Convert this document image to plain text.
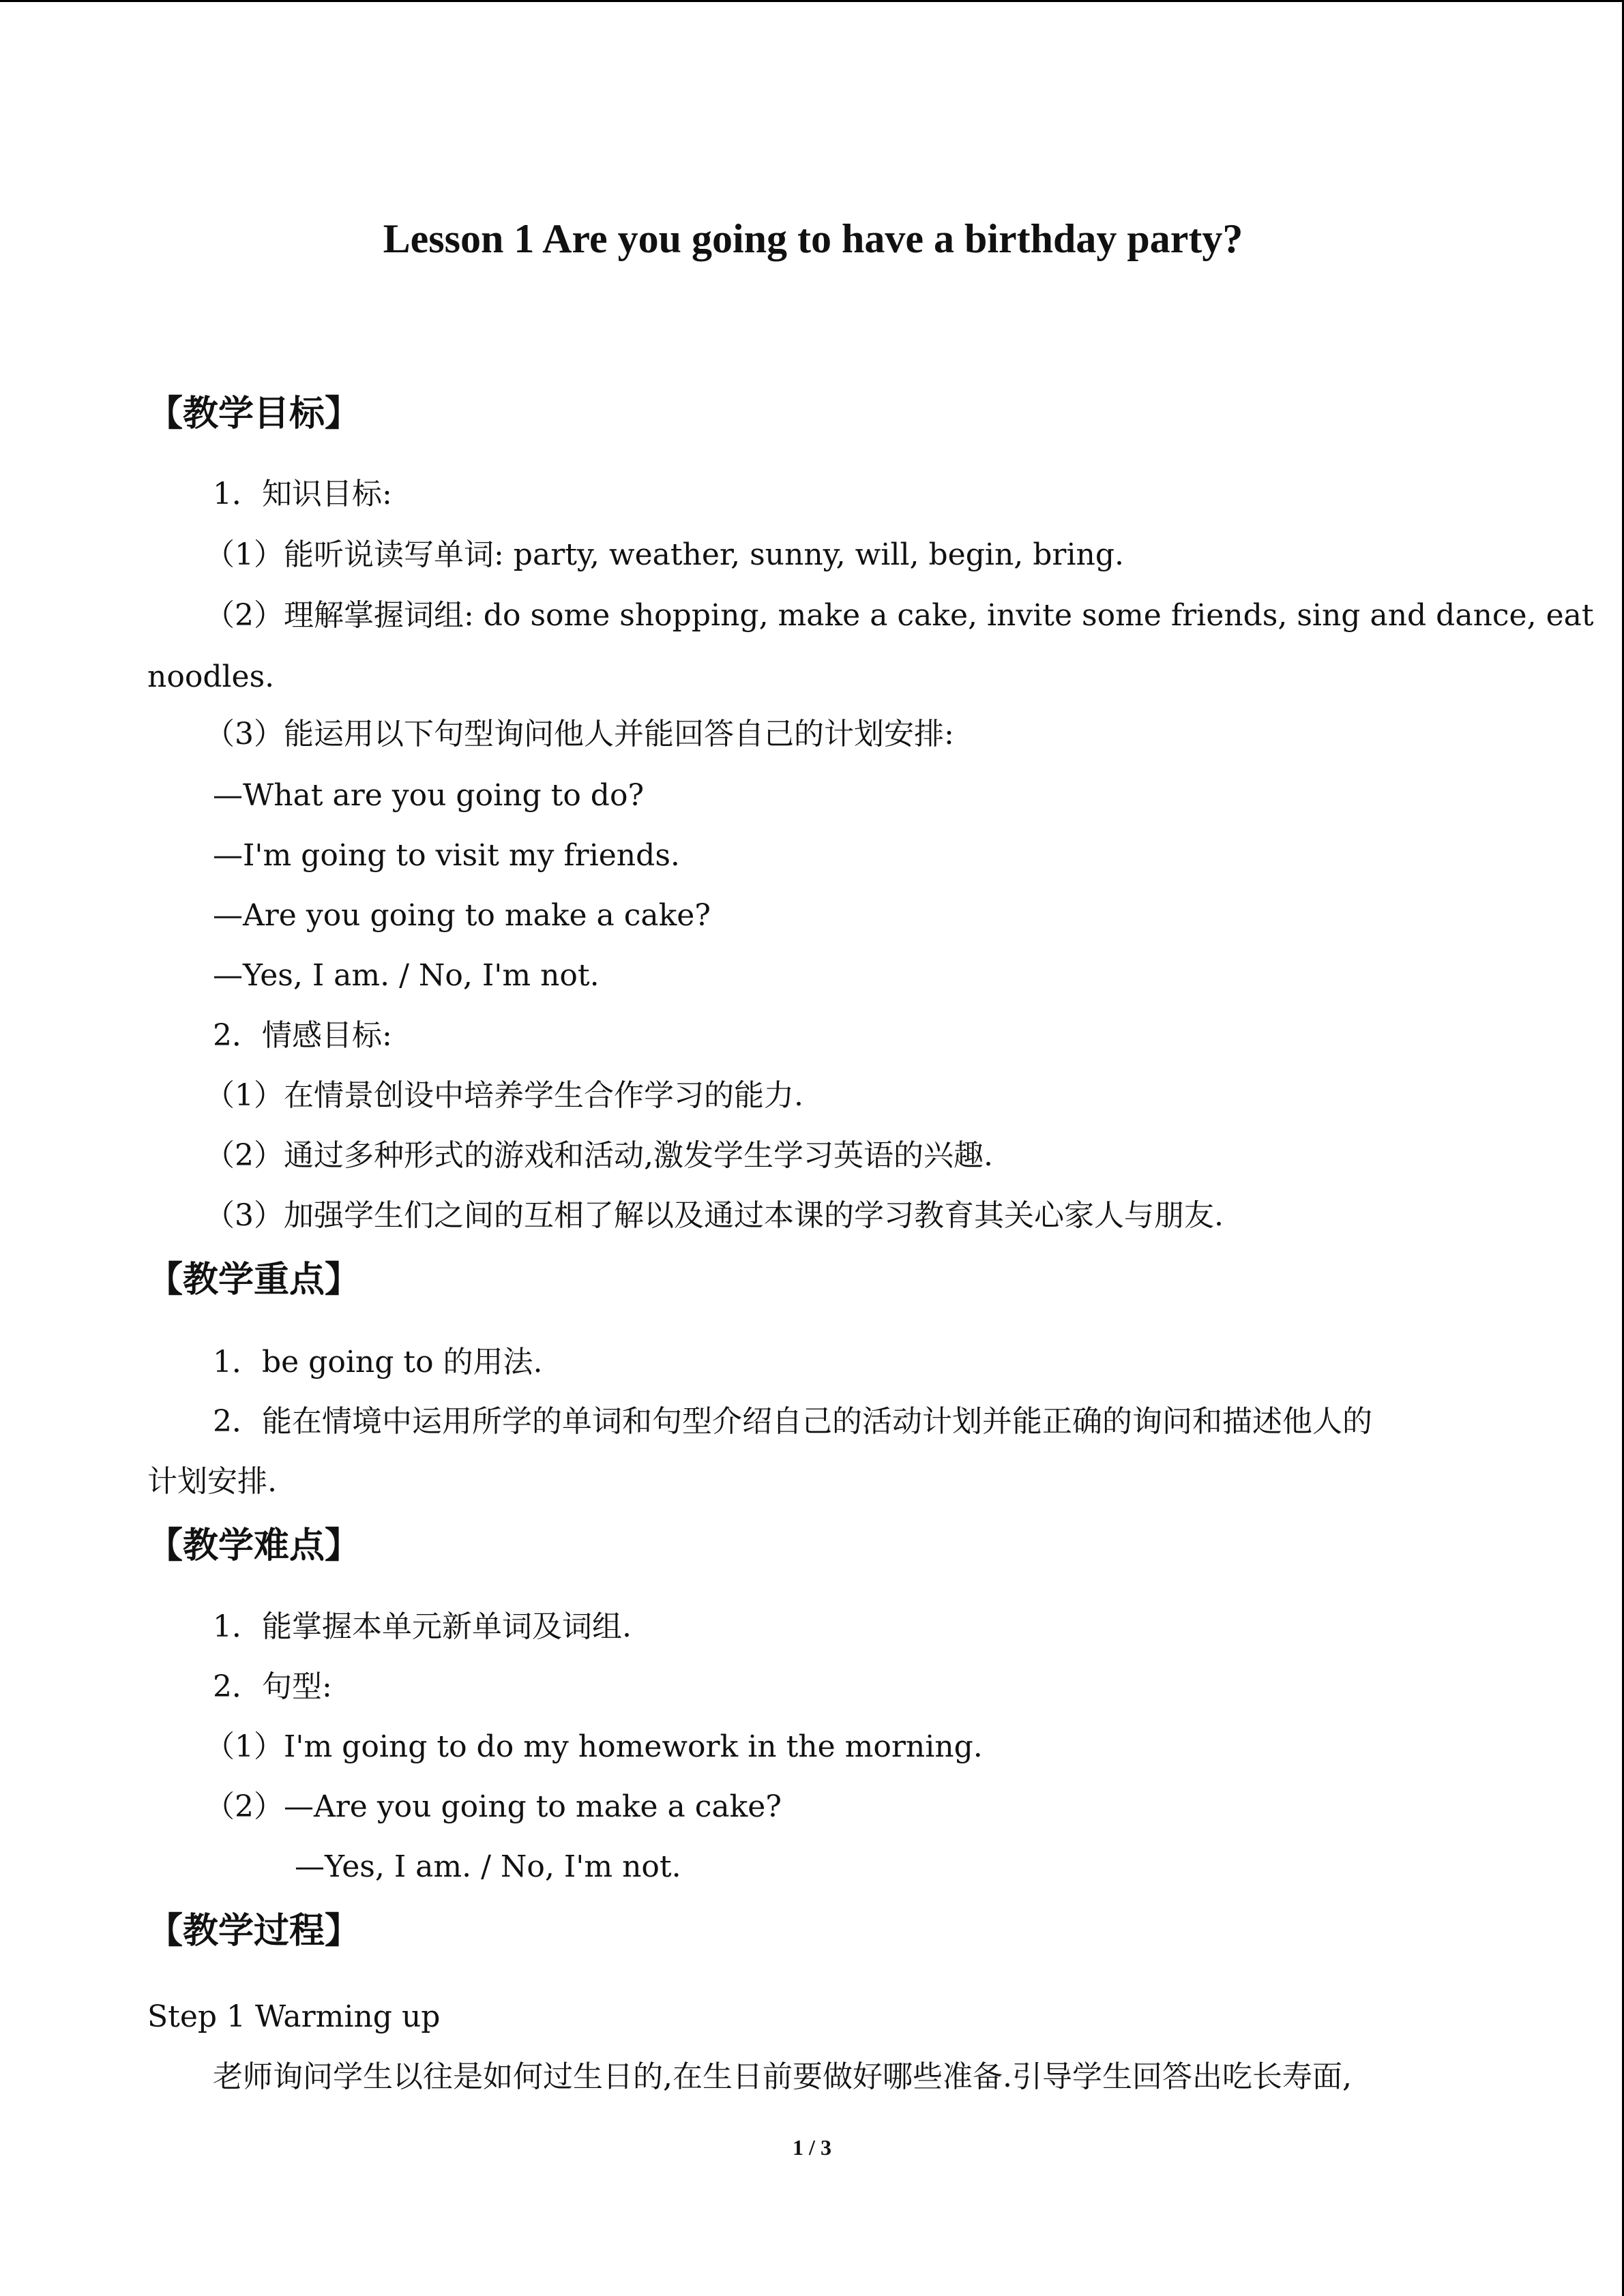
Lesson 1 Are you going to have a birthday party?
【教学目标】
1．知识目标:
（1）能听说读写单词: party, weather, sunny, will, begin, bring.
（2）理解掌握词组: do some shopping, make a cake, invite some friends, sing and dance, eat
noodles.
（3）能运用以下句型询问他人并能回答自己的计划安排:
—What are you going to do?
—I'm going to visit my friends.
—Are you going to make a cake?
—Yes, I am. / No, I'm not.
2．情感目标:
（1）在情景创设中培养学生合作学习的能力.
（2）通过多种形式的游戏和活动,激发学生学习英语的兴趣.
（3）加强学生们之间的互相了解以及通过本课的学习教育其关心家人与朋友.
【教学重点】
1．be going to 的用法.
2．能在情境中运用所学的单词和句型介绍自己的活动计划并能正确的询问和描述他人的
计划安排.
【教学难点】
1．能掌握本单元新单词及词组.
2．句型:
（1）I'm going to do my homework in the morning.
（2）—Are you going to make a cake?
—Yes, I am. / No, I'm not.
【教学过程】
Step 1 Warming up
老师询问学生以往是如何过生日的,在生日前要做好哪些准备.引导学生回答出吃长寿面,
1 / 3
